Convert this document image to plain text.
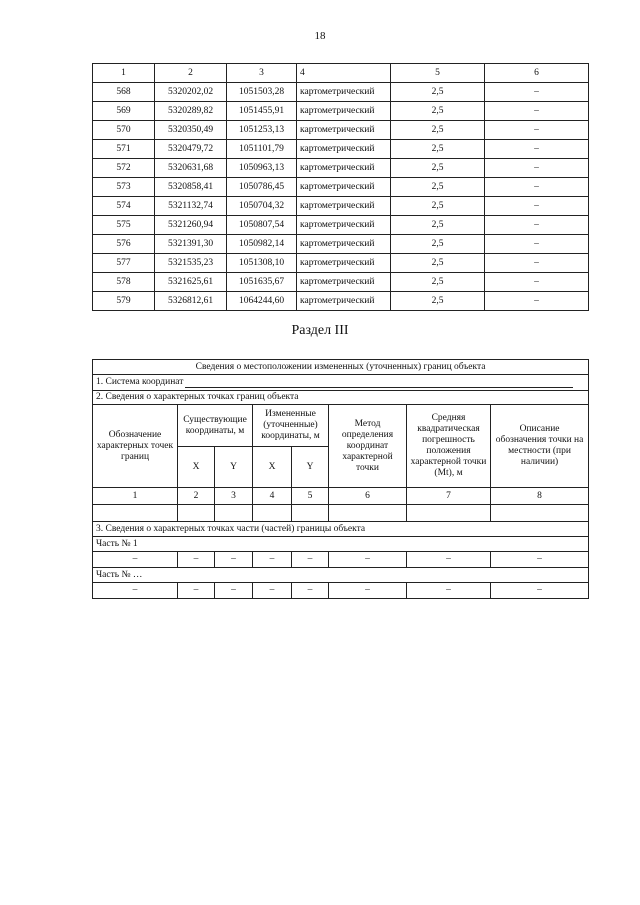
18
1	2	3	4	5	6
568	5320202,02	1051503,28	картометрический	2,5	–
569	5320289,82	1051455,91	картометрический	2,5	–
570	5320350,49	1051253,13	картометрический	2,5	–
571	5320479,72	1051101,79	картометрический	2,5	–
572	5320631,68	1050963,13	картометрический	2,5	–
573	5320858,41	1050786,45	картометрический	2,5	–
574	5321132,74	1050704,32	картометрический	2,5	–
575	5321260,94	1050807,54	картометрический	2,5	–
576	5321391,30	1050982,14	картометрический	2,5	–
577	5321535,23	1051308,10	картометрический	2,5	–
578	5321625,61	1051635,67	картометрический	2,5	–
579	5326812,61	1064244,60	картометрический	2,5	–
Раздел III
Сведения о местоположении измененных (уточненных) границ объекта							
1. Система координат							
2. Сведения о характерных точках границ объекта							
Обозначение характерных точек границ	Существующие координаты, м		Измененные (уточненные) координаты, м		Метод определения координат характерной точки	Средняя квадратическая погрешность положения характерной точки (Mt), м	Описание обозначения точки на местности (при наличии)
	X	Y	X	Y			
1	2	3	4	5	6	7	8

3. Сведения о характерных точках части (частей) границы объекта							
Часть № 1							
–	–	–	–	–	–	–	–
Часть № …							
–	–	–	–	–	–	–	–
